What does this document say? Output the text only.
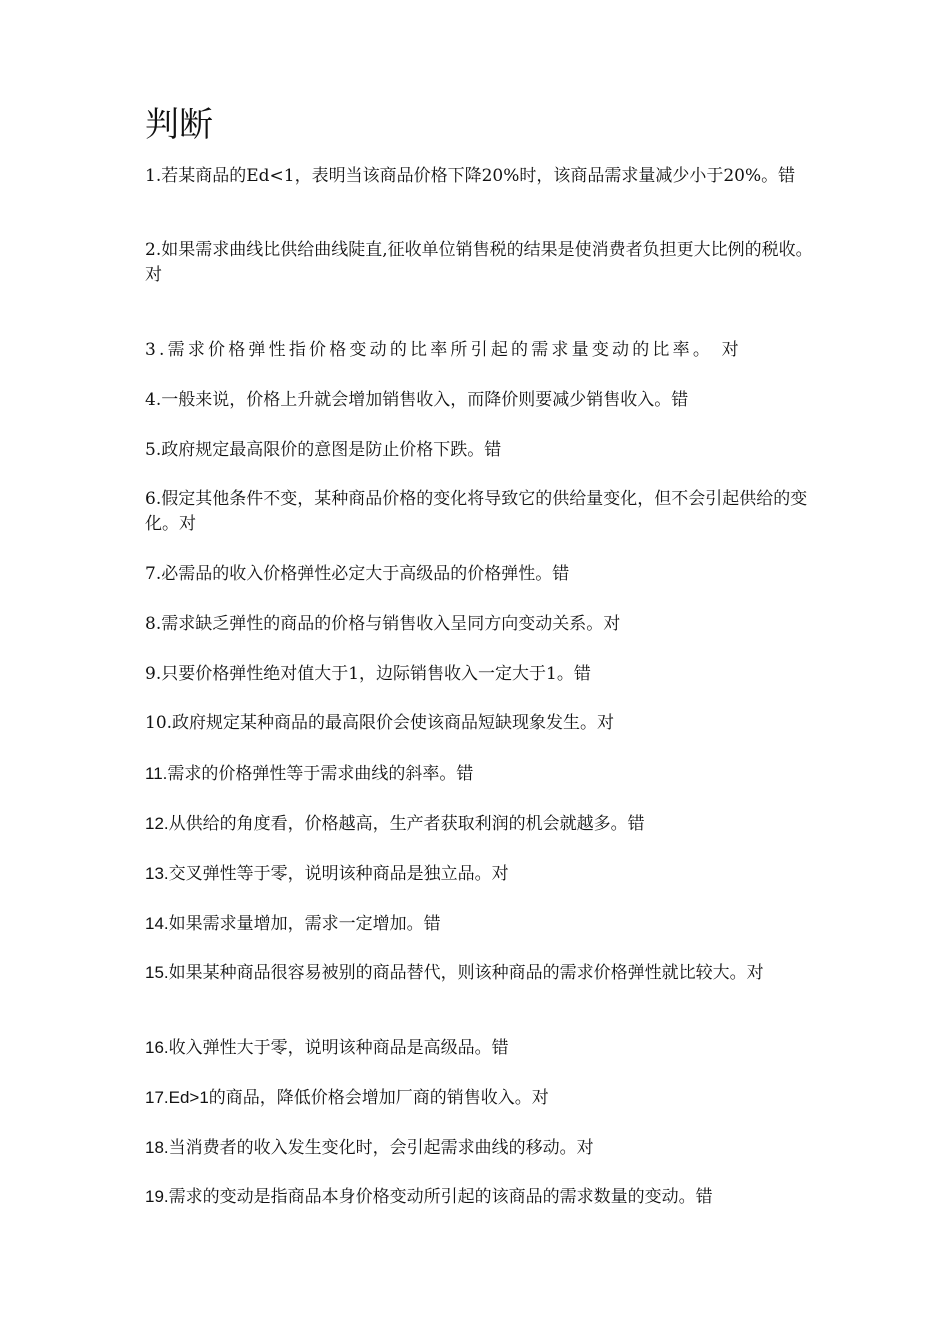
判断

1.若某商品的Ed<1，表明当该商品价格下降20%时，该商品需求量减少小于20%。错

2.如果需求曲线比供给曲线陡直,征收单位销售税的结果是使消费者负担更大比例的税收。对

3.需求价格弹性指价格变动的比率所引起的需求量变动的比率。 对

4.一般来说，价格上升就会增加销售收入，而降价则要减少销售收入。错

5.政府规定最高限价的意图是防止价格下跌。错

6.假定其他条件不变，某种商品价格的变化将导致它的供给量变化，但不会引起供给的变化。对

7.必需品的收入价格弹性必定大于高级品的价格弹性。错

8.需求缺乏弹性的商品的价格与销售收入呈同方向变动关系。对

9.只要价格弹性绝对值大于1，边际销售收入一定大于1。错

10.政府规定某种商品的最高限价会使该商品短缺现象发生。对

11.需求的价格弹性等于需求曲线的斜率。错

12.从供给的角度看，价格越高，生产者获取利润的机会就越多。错

13.交叉弹性等于零，说明该种商品是独立品。对

14.如果需求量增加，需求一定增加。错

15.如果某种商品很容易被别的商品替代，则该种商品的需求价格弹性就比较大。对

16.收入弹性大于零，说明该种商品是高级品。错

17.Ed>1的商品，降低价格会增加厂商的销售收入。对

18.当消费者的收入发生变化时，会引起需求曲线的移动。对

19.需求的变动是指商品本身价格变动所引起的该商品的需求数量的变动。错
